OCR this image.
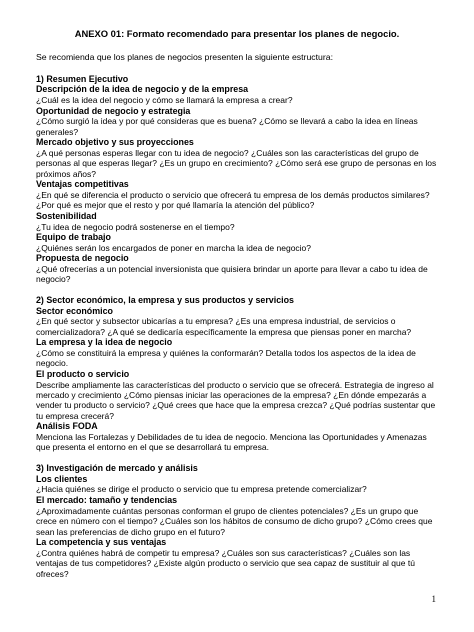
ANEXO 01: Formato recomendado para presentar los planes de negocio.

Se recomienda que los planes de negocios presenten la siguiente estructura:

1) Resumen Ejecutivo

Descripción de la idea de negocio y de la empresa

¿Cuál es la idea del negocio y cómo se llamará la empresa a crear?

Oportunidad de negocio y estrategia

¿Cómo surgió la idea y por qué consideras que es buena? ¿Cómo se llevará a cabo la idea en líneas generales?

Mercado objetivo y sus proyecciones

¿A qué personas esperas llegar con tu idea de negocio? ¿Cuáles son las características del grupo de personas al que esperas llegar? ¿Es un grupo en crecimiento? ¿Cómo será ese grupo de personas en los próximos años?

Ventajas competitivas

¿En qué se diferencia el producto o servicio que ofrecerá tu empresa de los demás productos similares? ¿Por qué es mejor que el resto y por qué llamaría la atención del público?

Sostenibilidad

¿Tu idea de negocio podrá sostenerse en el tiempo?

Equipo de trabajo

¿Quiénes serán los encargados de poner en marcha la idea de negocio?

Propuesta de negocio

¿Qué ofrecerías a un potencial inversionista que quisiera brindar un aporte para llevar a cabo tu idea de negocio?

2) Sector económico, la empresa y sus productos y servicios

Sector económico

¿En qué sector y subsector ubicarías a tu empresa? ¿Es una empresa industrial, de servicios o comercializadora? ¿A qué se dedicaría específicamente la empresa que piensas poner en marcha?

La empresa y la idea de negocio

¿Cómo se constituirá la empresa y quiénes la conformarán? Detalla todos los aspectos de la idea de negocio.

El producto o servicio

Describe ampliamente las características del producto o servicio que se ofrecerá. Estrategia de ingreso al mercado y crecimiento ¿Cómo piensas iniciar las operaciones de la empresa? ¿En dónde empezarás a vender tu producto o servicio? ¿Qué crees que hace que la empresa crezca? ¿Qué podrías sustentar que tu empresa crecerá?

Análisis FODA

Menciona las Fortalezas y Debilidades de tu idea de negocio. Menciona las Oportunidades y Amenazas que presenta el entorno en el que se desarrollará tu empresa.

3) Investigación de mercado y análisis

Los clientes

¿Hacia quiénes se dirige el producto o servicio que tu empresa pretende comercializar?

El mercado: tamaño y tendencias

¿Aproximadamente cuántas personas conforman el grupo de clientes potenciales? ¿Es un grupo que crece en número con el tiempo? ¿Cuáles son los hábitos de consumo de dicho grupo? ¿Cómo crees que sean las preferencias de dicho grupo en el futuro?

La competencia y sus ventajas

¿Contra quiénes habrá de competir tu empresa? ¿Cuáles son sus características? ¿Cuáles son las ventajas de tus competidores? ¿Existe algún producto o servicio que sea capaz de sustituir al que tú ofreces?

1
